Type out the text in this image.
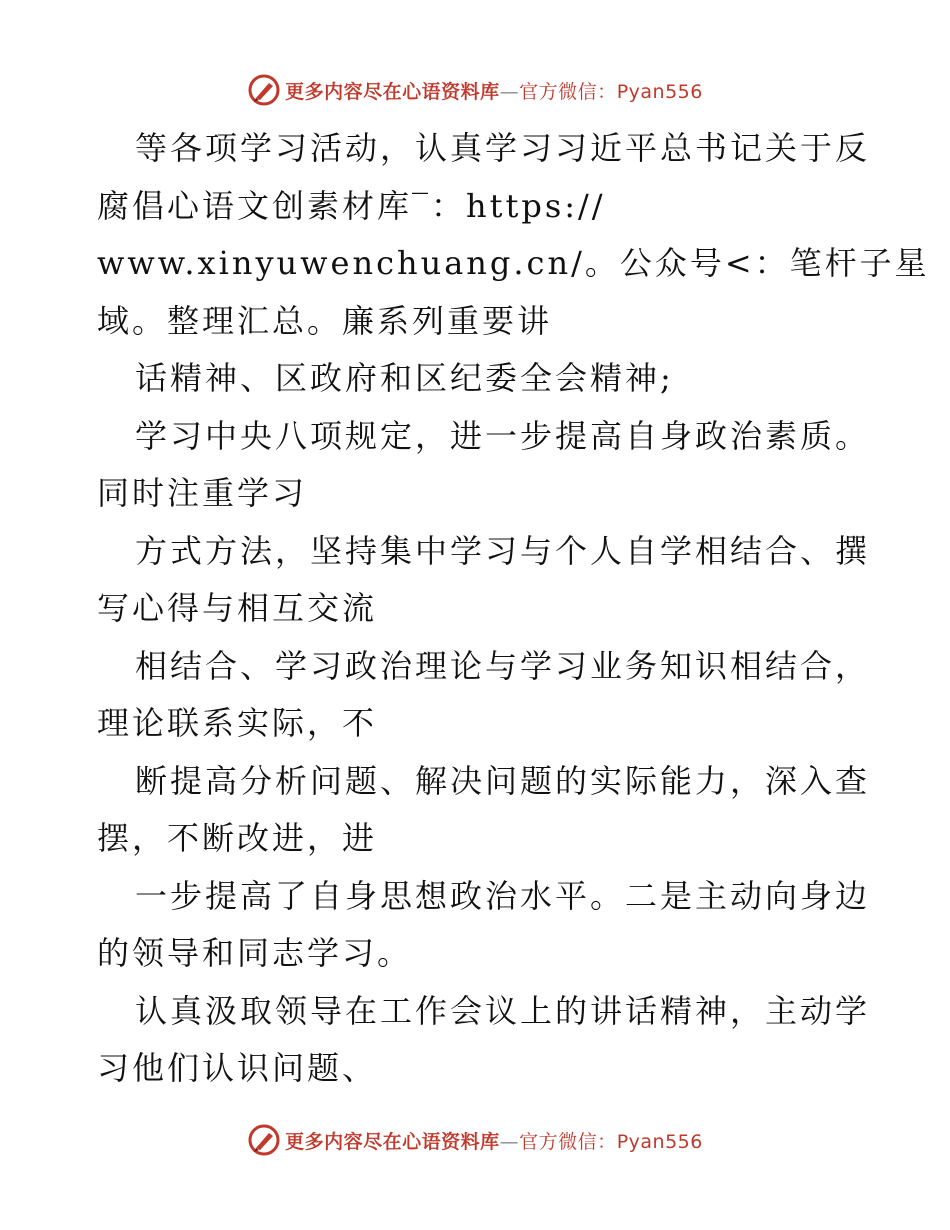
更多内容尽在心语资料库—官方微信：Pyan556
等各项学习活动，认真学习习近平总书记关于反
腐倡心语文创素材库‾：https://
www.xinyuwenchuang.cn/。公众号<：笔杆子星
域。整理汇总。廉系列重要讲
话精神、区政府和区纪委全会精神;
学习中央八项规定，进一步提高自身政治素质。
同时注重学习
方式方法，坚持集中学习与个人自学相结合、撰
写心得与相互交流
相结合、学习政治理论与学习业务知识相结合，
理论联系实际，不
断提高分析问题、解决问题的实际能力，深入查
摆，不断改进，进
一步提高了自身思想政治水平。二是主动向身边
的领导和同志学习。
认真汲取领导在工作会议上的讲话精神，主动学
习他们认识问题、
更多内容尽在心语资料库—官方微信：Pyan556
